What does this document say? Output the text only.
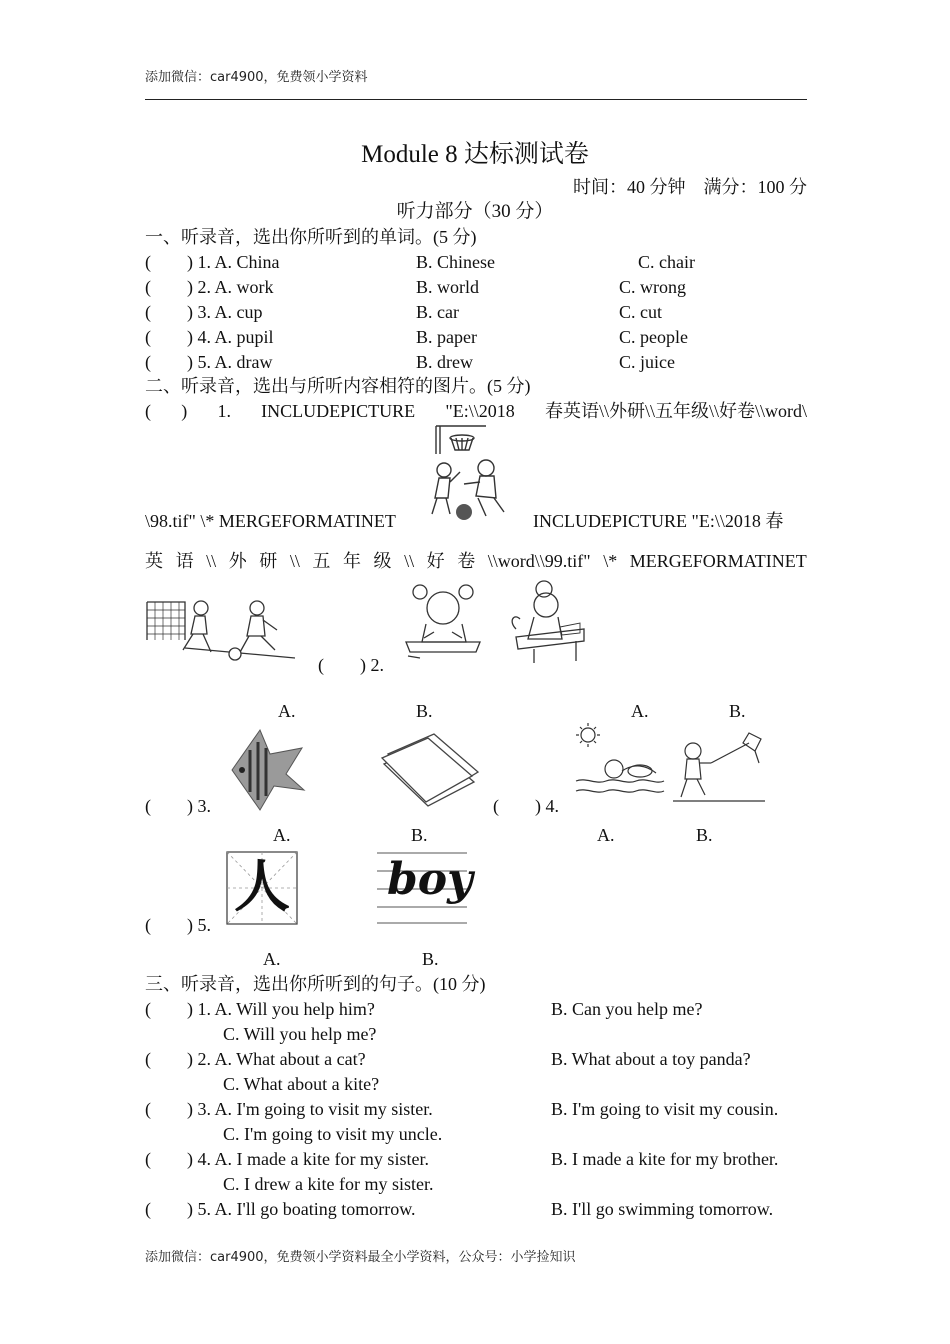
添加微信：car4900，免费领小学资料
添加微信：car4900，免费领小学资料最全小学资料，公众号：小学捡知识
Module 8 达标测试卷
时间：40 分钟　满分：100 分
听力部分（30 分）
一、听录音，选出你所听到的单词。(5 分)
(　　) 1. A. China	B. Chinese	C. chair
(　　) 2. A. work	B. world	C. wrong
(　　) 3. A. cup	B. car	C. cut
(　　) 4. A. pupil	B. paper	C. people
(　　) 5. A. draw	B. drew	C. juice
二、听录音，选出与所听内容相符的图片。(5 分)
( ) 1. INCLUDEPICTURE "E:\\2018 春英语\\外研\\五年级\\好卷\\word\
\98.tif" \* MERGEFORMATINET	INCLUDEPICTURE "E:\\2018 春
英 语 \\ 外 研 \\ 五 年 级 \\ 好 卷 \\word\\99.tif" \* MERGEFORMATINET
(　　) 2.
A.	B.	A.	B.
(　　) 3.
A.	B.
(　　) 4.
A.	B.
(　　) 5.
人 boy
A.	B.
三、听录音，选出你所听到的句子。(10 分)
(　　) 1. A. Will you help him?	B. Can you help me?
C. Will you help me?
(　　) 2. A. What about a cat?	B. What about a toy panda?
C. What about a kite?
(　　) 3. A. I'm going to visit my sister.	B. I'm going to visit my cousin.
C. I'm going to visit my uncle.
(　　) 4. A. I made a kite for my sister.	B. I made a kite for my brother.
C. I drew a kite for my sister.
(　　) 5. A. I'll go boating tomorrow.	B. I'll go swimming tomorrow.
